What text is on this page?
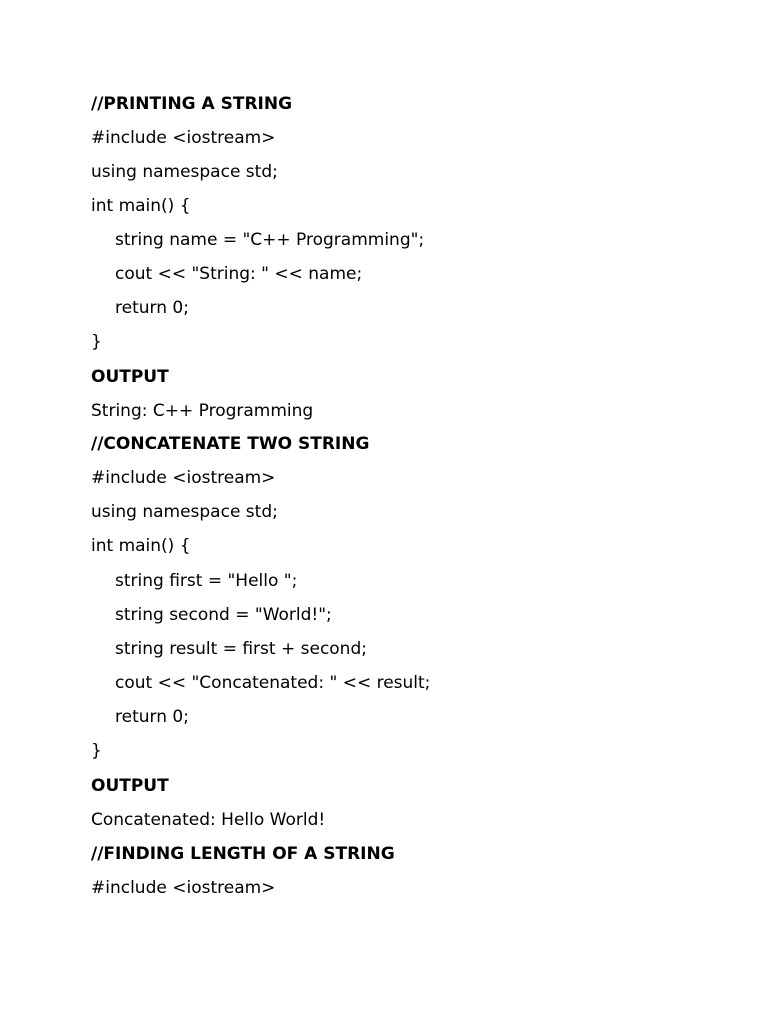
//PRINTING A STRING
#include <iostream>
using namespace std;
int main() {
string name = "C++ Programming";
cout << "String: " << name;
return 0;
}
OUTPUT
String: C++ Programming
//CONCATENATE TWO STRING
#include <iostream>
using namespace std;
int main() {
string first = "Hello ";
string second = "World!";
string result = first + second;
cout << "Concatenated: " << result;
return 0;
}
OUTPUT
Concatenated: Hello World!
//FINDING LENGTH OF A STRING
#include <iostream>
